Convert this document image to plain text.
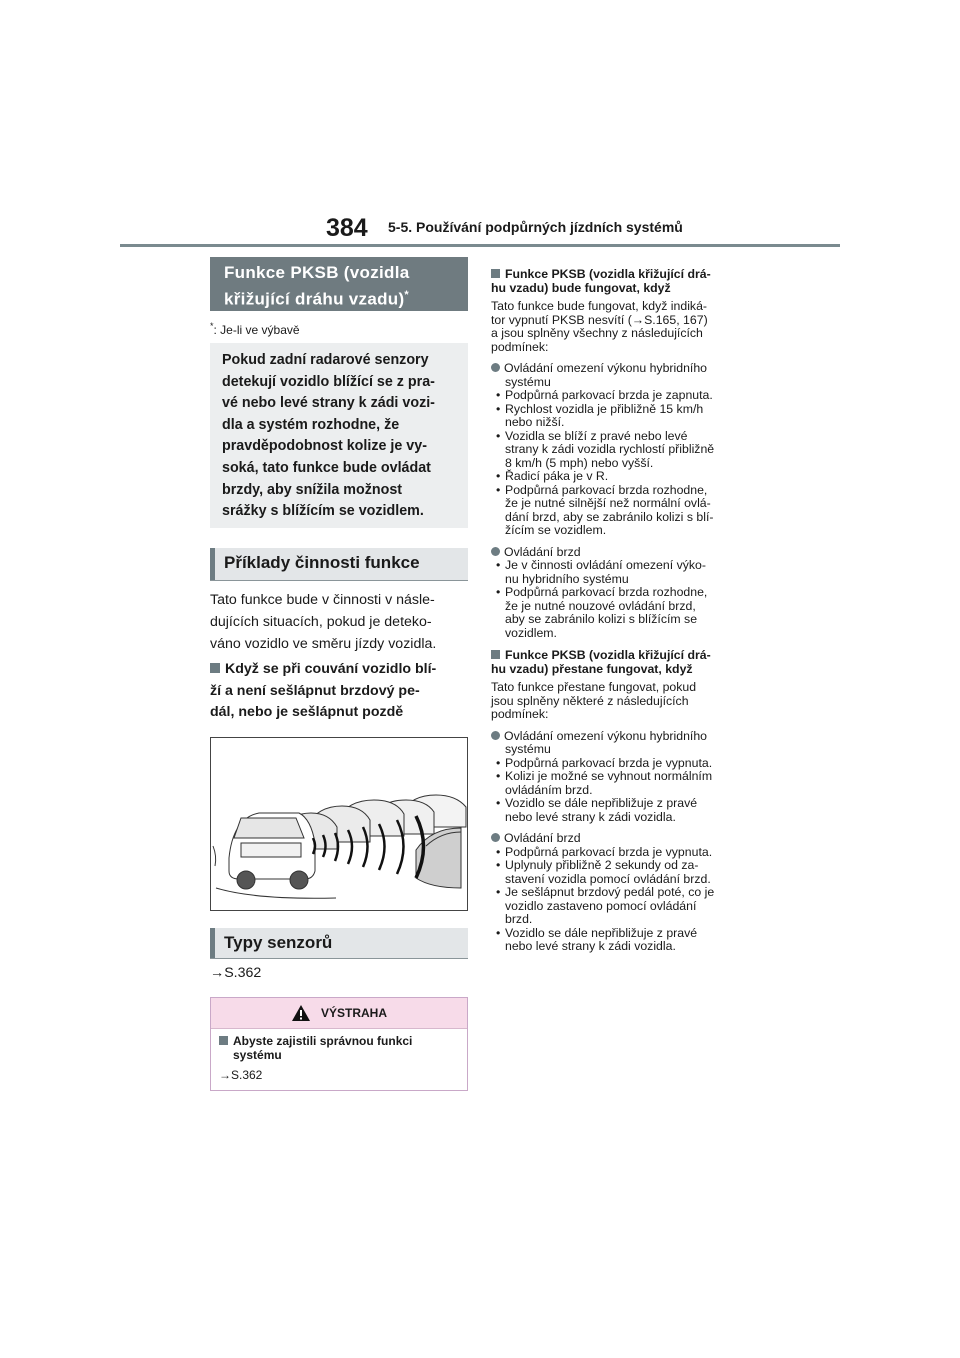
384 5-5. Používání podpůrných jízdních systémů
Funkce PKSB (vozidla
křižující dráhu vzadu)*
*: Je-li ve výbavě
Pokud zadní radarové senzory
detekují vozidlo blížící se z pra-
vé nebo levé strany k zádi vozi-
dla a systém rozhodne, že
pravděpodobnost kolize je vy-
soká, tato funkce bude ovládat
brzdy, aby snížila možnost
srážky s blížícím se vozidlem.
Příklady činnosti funkce
Tato funkce bude v činnosti v násle-
dujících situacích, pokud je deteko-
váno vozidlo ve směru jízdy vozidla.
Když se při couvání vozidlo blí-
ží a není sešlápnut brzdový pe-
dál, nebo je sešlápnut pozdě
Typy senzorů
→S.362
VÝSTRAHA
Abyste zajistili správnou funkci systému
→S.362
Funkce PKSB (vozidla křižující drá-
hu vzadu) bude fungovat, když
Tato funkce bude fungovat, když indiká-
tor vypnutí PKSB nesvítí (→S.165, 167)
a jsou splněny všechny z následujících
podmínek:
Ovládání omezení výkonu hybridního
systému
• Podpůrná parkovací brzda je zapnuta.
• Rychlost vozidla je přibližně 15 km/h
nebo nižší.
• Vozidla se blíží z pravé nebo levé
strany k zádi vozidla rychlostí přibližně
8 km/h (5 mph) nebo vyšší.
• Řadicí páka je v R.
• Podpůrná parkovací brzda rozhodne,
že je nutné silnější než normální ovlá-
dání brzd, aby se zabránilo kolizi s blí-
žícím se vozidlem.
Ovládání brzd
• Je v činnosti ovládání omezení výko-
nu hybridního systému
• Podpůrná parkovací brzda rozhodne,
že je nutné nouzové ovládání brzd,
aby se zabránilo kolizi s blížícím se
vozidlem.
Funkce PKSB (vozidla křižující drá-
hu vzadu) přestane fungovat, když
Tato funkce přestane fungovat, pokud
jsou splněny některé z následujících
podmínek:
Ovládání omezení výkonu hybridního
systému
• Podpůrná parkovací brzda je vypnuta.
• Kolizi je možné se vyhnout normálním
ovládáním brzd.
• Vozidlo se dále nepřibližuje z pravé
nebo levé strany k zádi vozidla.
Ovládání brzd
• Podpůrná parkovací brzda je vypnuta.
• Uplynuly přibližně 2 sekundy od za-
stavení vozidla pomocí ovládání brzd.
• Je sešlápnut brzdový pedál poté, co je
vozidlo zastaveno pomocí ovládání
brzd.
• Vozidlo se dále nepřibližuje z pravé
nebo levé strany k zádi vozidla.
